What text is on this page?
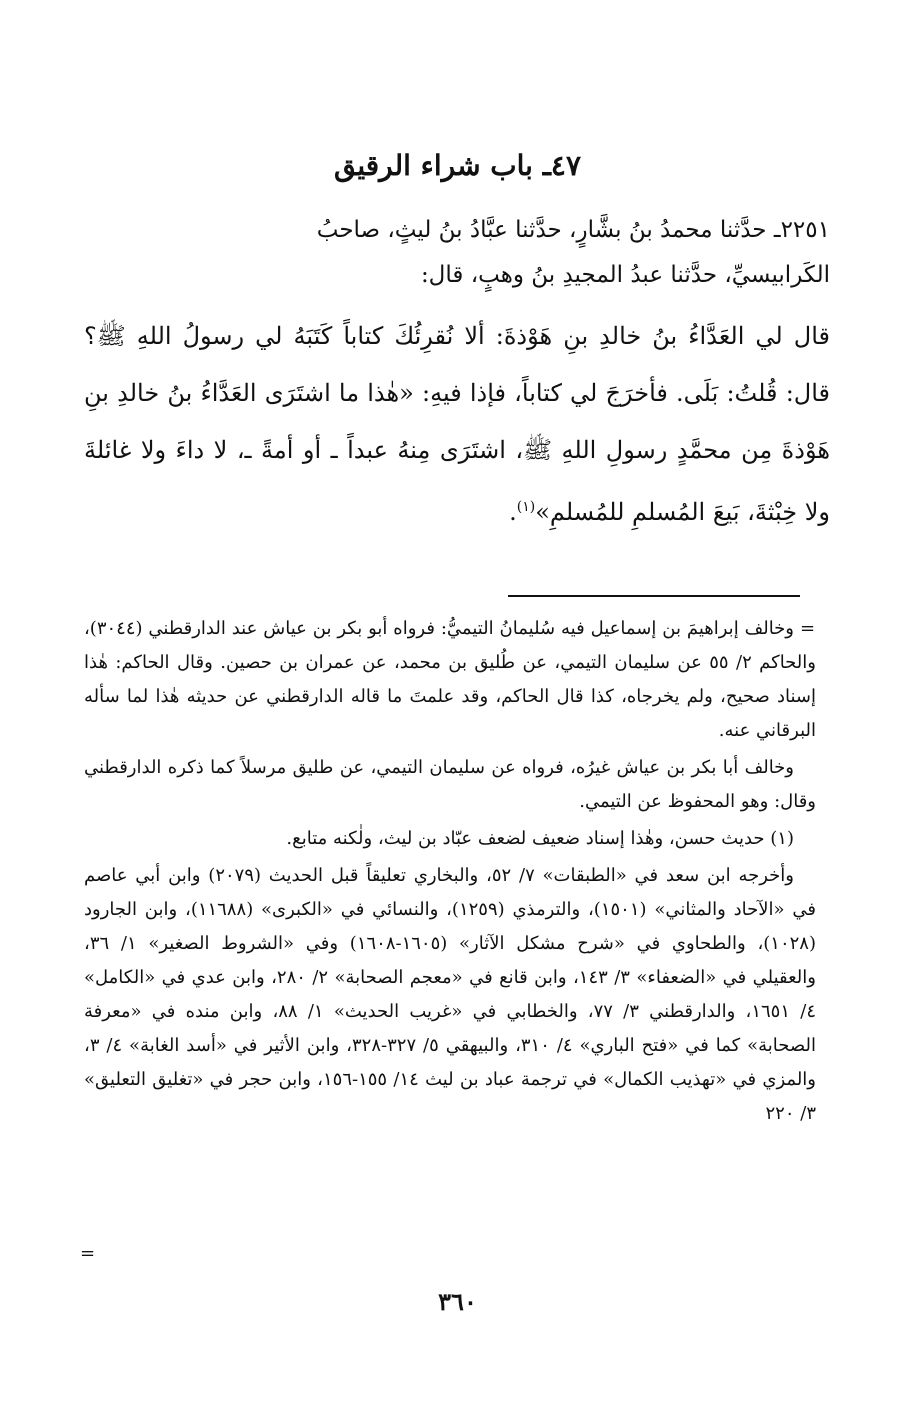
٤٧ـ باب شراء الرقيق
٢٢٥١ـ حدَّثنا محمدُ بنُ بشَّارٍ، حدَّثنا عبَّادُ بنُ ليثٍ، صاحبُ
الكَرابيسيِّ، حدَّثنا عبدُ المجيدِ بنُ وهبٍ، قال:
قال لي العَدَّاءُ بنُ خالدِ بنِ هَوْذةَ: ألا نُقرِئُكَ كتاباً كَتَبَهُ لي رسولُ اللهِ ﷺ؟ قال: قُلتُ: بَلَى. فأخرَجَ لي كتاباً، فإذا فيهِ: «هٰذا ما اشتَرَى العَدَّاءُ بنُ خالدِ بنِ هَوْذةَ مِن محمَّدٍ رسولِ اللهِ ﷺ، اشتَرَى مِنهُ عبداً ـ أو أمةً ـ، لا داءَ ولا غائلةَ ولا خِبْثةَ، بَيعَ المُسلمِ للمُسلمِ»$^{(١)}$.
=

وخالف إبراهيمَ بن إسماعيل فيه سُليمانُ التيميُّ: فرواه أبو بكر بن عياش عند الدارقطني (٣٠٤٤)، والحاكم ٢/ ٥٥ عن سليمان التيمي، عن طُليق بن محمد، عن عمران بن حصين. وقال الحاكم: هٰذا إسناد صحيح، ولم يخرجاه، كذا قال الحاكم، وقد علمتَ ما قاله الدارقطني عن حديثه هٰذا لما سأله البرقاني عنه.

وخالف أبا بكر بن عياش غيرُه، فرواه عن سليمان التيمي، عن طليق مرسلاً كما ذكره الدارقطني وقال: وهو المحفوظ عن التيمي.

(١) حديث حسن، وهٰذا إسناد ضعيف لضعف عبّاد بن ليث، ولٰكنه متابع.

وأخرجه ابن سعد في «الطبقات» ٧/ ٥٢، والبخاري تعليقاً قبل الحديث (٢٠٧٩) وابن أبي عاصم في «الآحاد والمثاني» (١٥٠١)، والترمذي (١٢٥٩)، والنسائي في «الكبرى» (١١٦٨٨)، وابن الجارود (١٠٢٨)، والطحاوي في «شرح مشكل الآثار» (١٦٠٥-١٦٠٨) وفي «الشروط الصغير» ١/ ٣٦، والعقيلي في «الضعفاء» ٣/ ١٤٣، وابن قانع في «معجم الصحابة» ٢/ ٢٨٠، وابن عدي في «الكامل» ٤/ ١٦٥١، والدارقطني ٣/ ٧٧، والخطابي في «غريب الحديث» ١/ ٨٨، وابن منده في «معرفة الصحابة» كما في «فتح الباري» ٤/ ٣١٠، والبيهقي ٥/ ٣٢٧-٣٢٨، وابن الأثير في «أسد الغابة» ٤/ ٣، والمزي في «تهذيب الكمال» في ترجمة عباد بن ليث ١٤/ ١٥٥-١٥٦، وابن حجر في «تغليق التعليق» ٣/ ٢٢٠

=
٣٦٠
